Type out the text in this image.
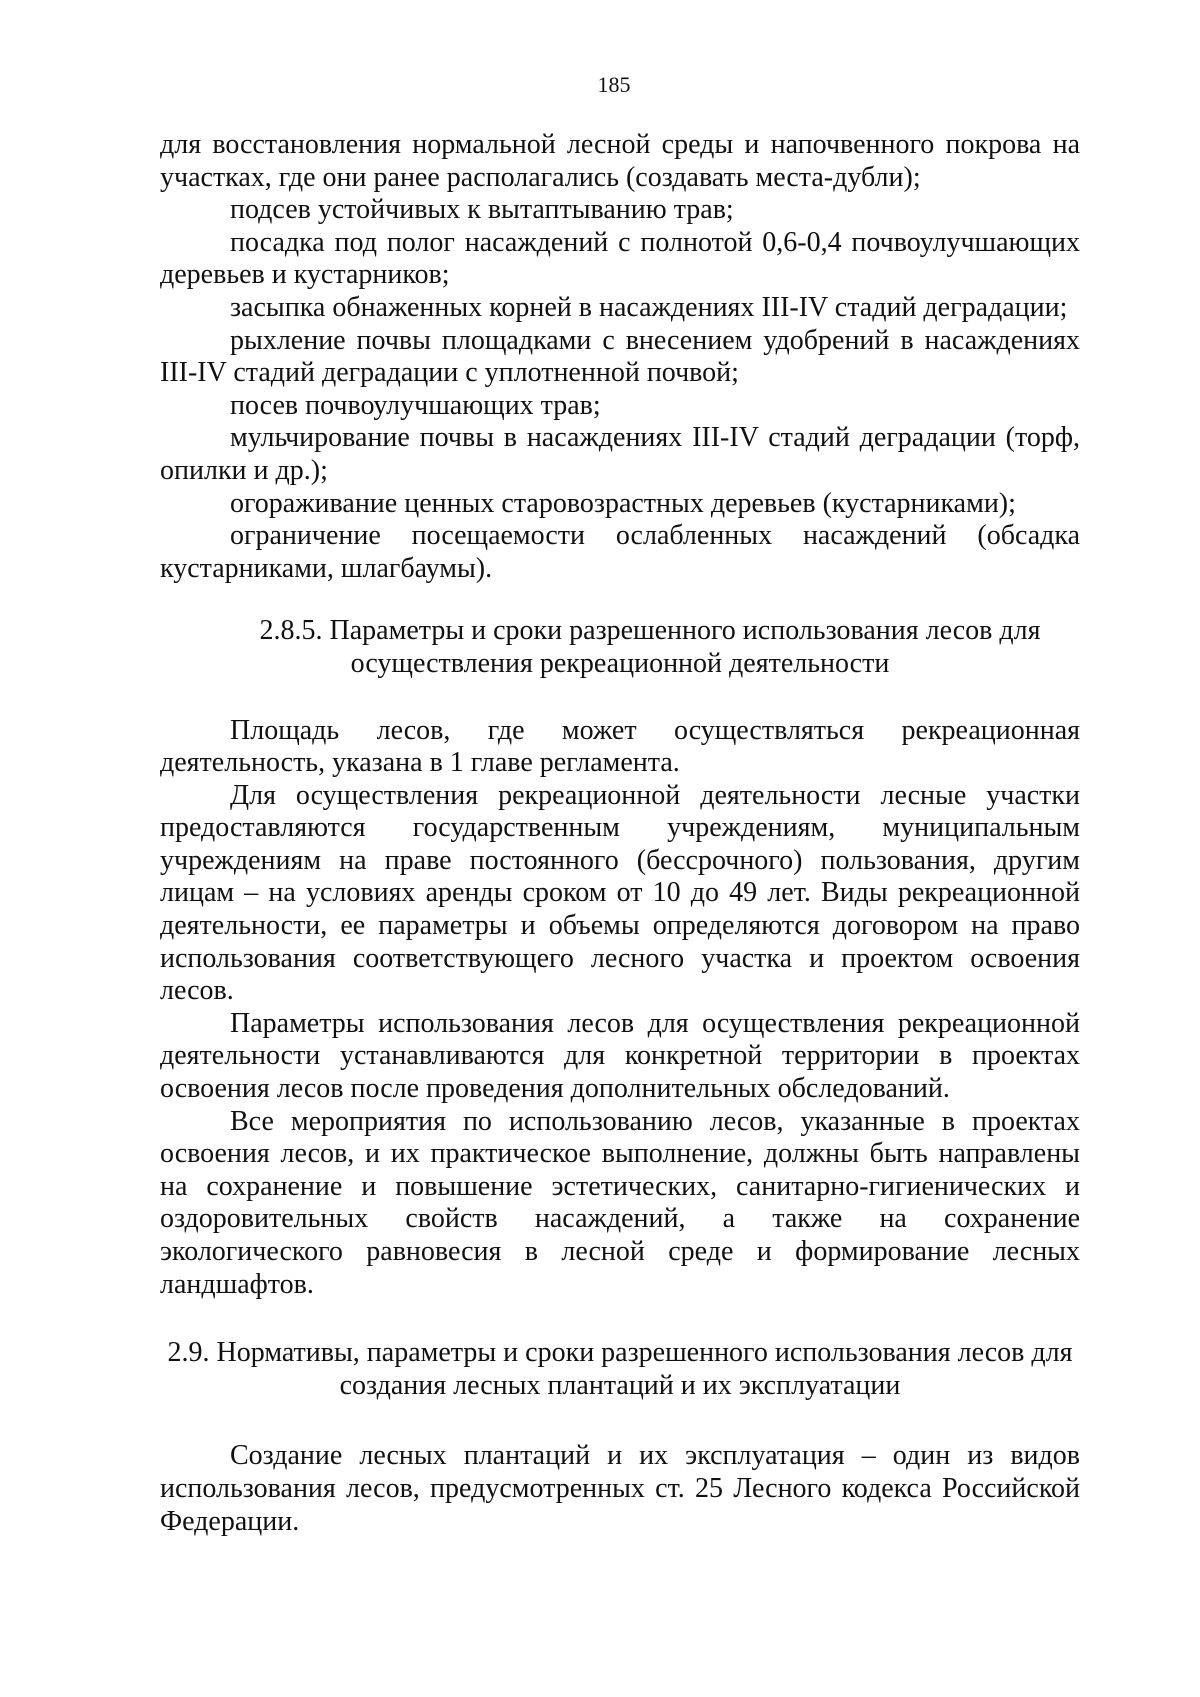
185

для восстановления нормальной лесной среды и напочвенного покрова на участках, где они ранее располагались (создавать места-дубли);

подсев устойчивых к вытаптыванию трав;

посадка под полог насаждений с полнотой 0,6-0,4 почвоулучшающих деревьев и кустарников;

засыпка обнаженных корней в насаждениях III-IV стадий деградации;

рыхление почвы площадками с внесением удобрений в насаждениях III-IV стадий деградации с уплотненной почвой;

посев почвоулучшающих трав;

мульчирование почвы в насаждениях III-IV стадий деградации (торф, опилки и др.);

огораживание ценных старовозрастных деревьев (кустарниками);

ограничение посещаемости ослабленных насаждений (обсадка кустарниками, шлагбаумы).

2.8.5. Параметры и сроки разрешенного использования лесов для
осуществления рекреационной деятельности

Площадь лесов, где может осуществляться рекреационная деятельность, указана в 1 главе регламента.

Для осуществления рекреационной деятельности лесные участки предоставляются государственным учреждениям, муниципальным учреждениям на праве постоянного (бессрочного) пользования, другим лицам – на условиях аренды сроком от 10 до 49 лет. Виды рекреационной деятельности, ее параметры и объемы определяются договором на право использования соответствующего лесного участка и проектом освоения лесов.

Параметры использования лесов для осуществления рекреационной деятельности устанавливаются для конкретной территории в проектах освоения лесов после проведения дополнительных обследований.

Все мероприятия по использованию лесов, указанные в проектах освоения лесов, и их практическое выполнение, должны быть направлены на сохранение и повышение эстетических, санитарно-гигиенических и оздоровительных свойств насаждений, а также на сохранение экологического равновесия в лесной среде и формирование лесных ландшафтов.

2.9. Нормативы, параметры и сроки разрешенного использования лесов для
создания лесных плантаций и их эксплуатации

Создание лесных плантаций и их эксплуатация – один из видов использования лесов, предусмотренных ст. 25 Лесного кодекса Российской Федерации.
